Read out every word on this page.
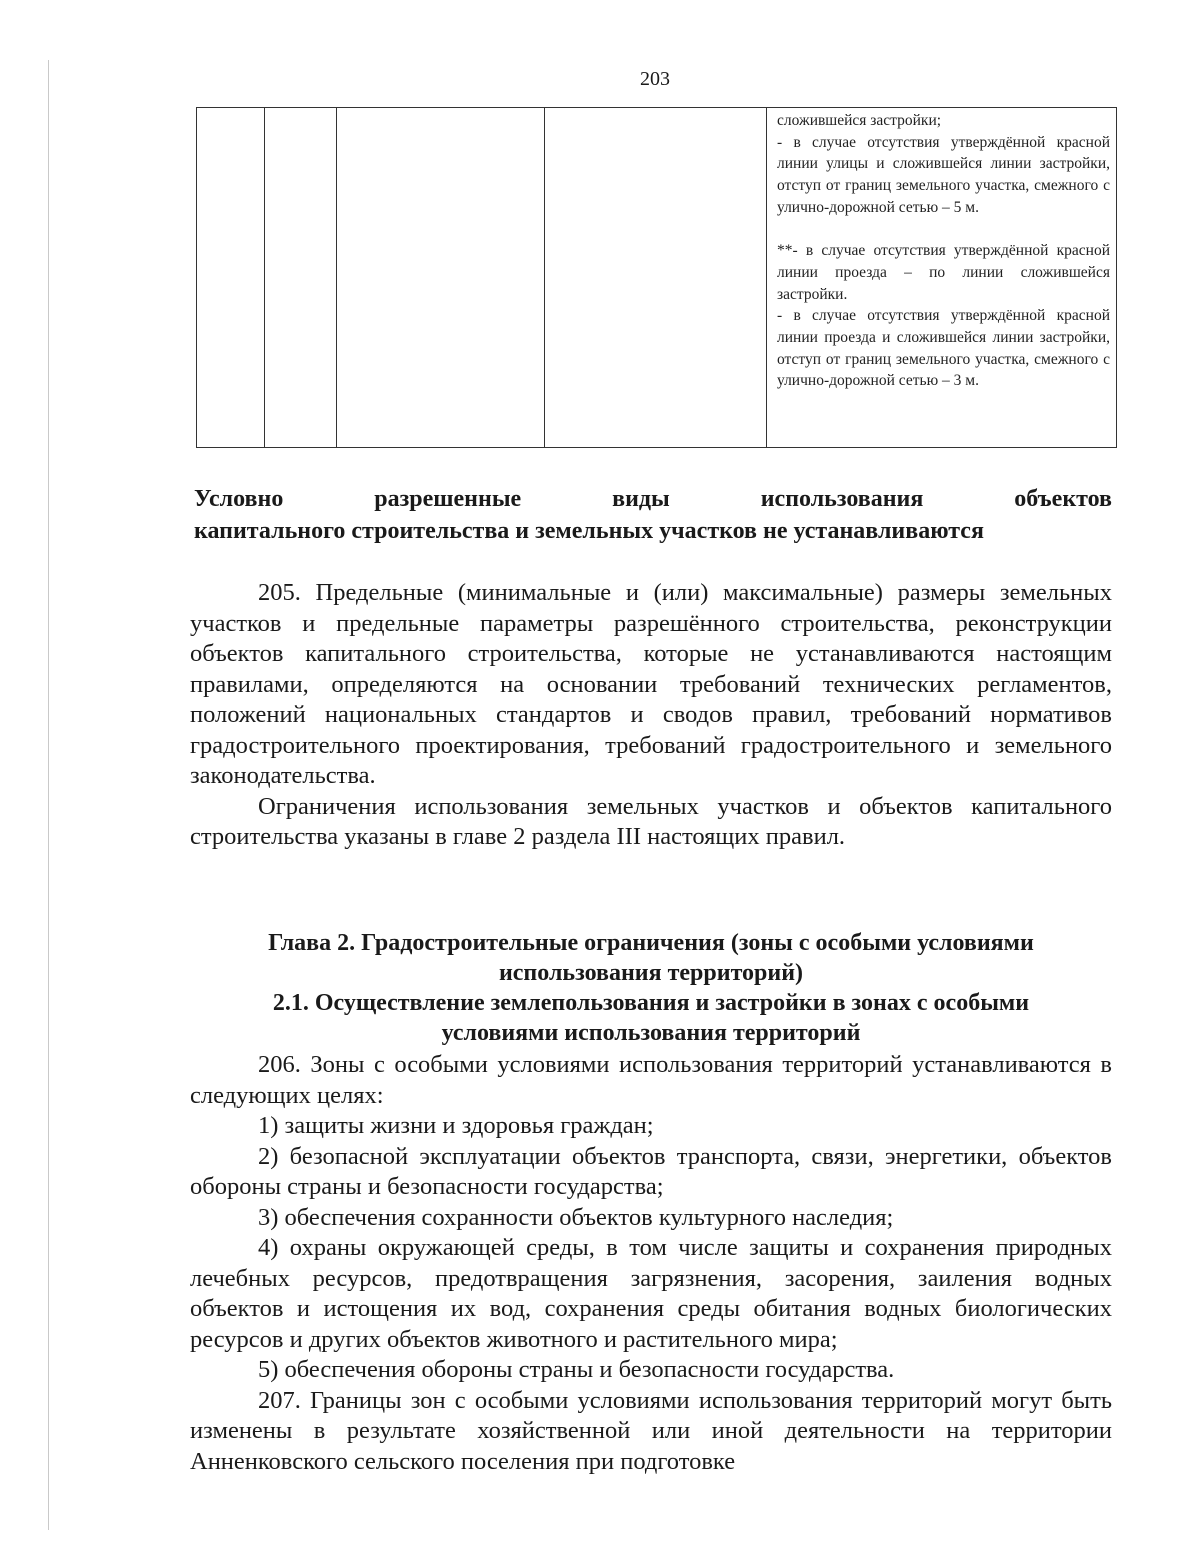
203

сложившейся застройки;

- в случае отсутствия утверждённой красной линии улицы и сложившейся линии застройки, отступ от границ земельного участка, смежного с улично-дорожной сетью – 5 м.

**- в случае отсутствия утверждённой красной линии проезда – по линии сложившейся застройки.

- в случае отсутствия утверждённой красной линии проезда и сложившейся линии застройки, отступ от границ земельного участка, смежного с улично-дорожной сетью – 3 м.

Условно разрешенные виды использования объектов
капитального строительства и земельных участков не устанавливаются

205. Предельные (минимальные и (или) максимальные) размеры земельных участков и предельные параметры разрешённого строительства, реконструкции объектов капитального строительства, которые не устанавливаются настоящим правилами, определяются на основании требований технических регламентов, положений национальных стандартов и сводов правил, требований нормативов градостроительного проектирования, требований градостроительного и земельного законодательства.

Ограничения использования земельных участков и объектов капитального строительства указаны в главе 2 раздела III настоящих правил.

Глава 2. Градостроительные ограничения (зоны с особыми условиями
использования территорий)
2.1. Осуществление землепользования и застройки в зонах с особыми
условиями использования территорий

206. Зоны с особыми условиями использования территорий устанавливаются в следующих целях:

1) защиты жизни и здоровья граждан;

2) безопасной эксплуатации объектов транспорта, связи, энергетики, объектов обороны страны и безопасности государства;

3) обеспечения сохранности объектов культурного наследия;

4) охраны окружающей среды, в том числе защиты и сохранения природных лечебных ресурсов, предотвращения загрязнения, засорения, заиления водных объектов и истощения их вод, сохранения среды обитания водных биологических ресурсов и других объектов животного и растительного мира;

5) обеспечения обороны страны и безопасности государства.

207. Границы зон с особыми условиями использования территорий могут быть изменены в результате хозяйственной или иной деятельности на территории Анненковского сельского поселения при подготовке
